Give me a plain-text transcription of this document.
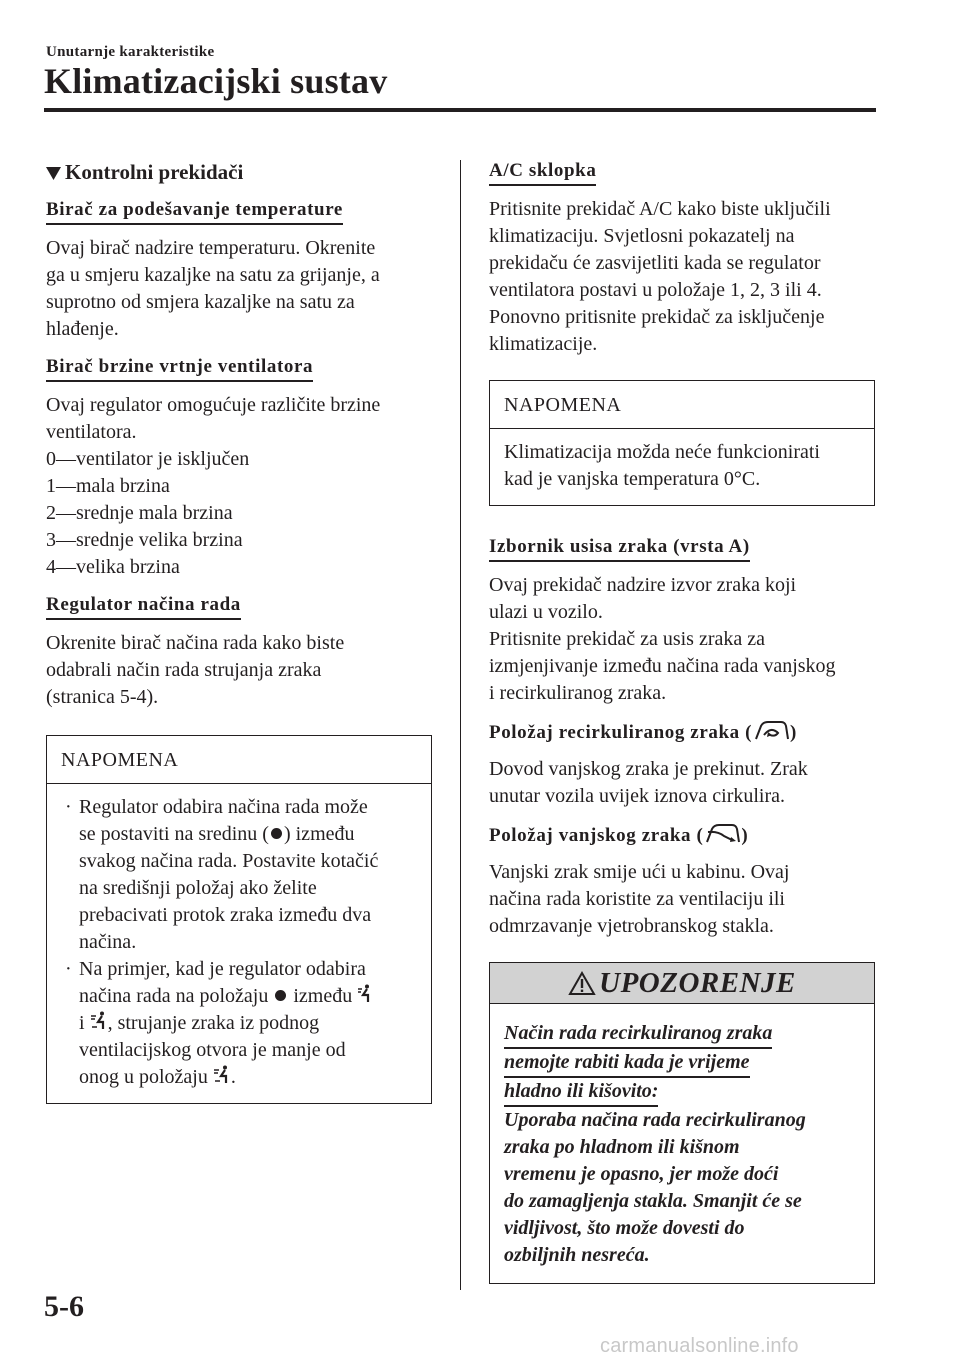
Unutarnje karakteristike
Klimatizacijski sustav
Kontrolni prekidači
Birač za podešavanje temperature
Ovaj birač nadzire temperaturu. Okrenite
ga u smjeru kazaljke na satu za grijanje, a
suprotno od smjera kazaljke na satu za
hlađenje.
Birač brzine vrtnje ventilatora
Ovaj regulator omogućuje različite brzine
ventilatora.
0—ventilator je isključen
1—mala brzina
2—srednje mala brzina
3—srednje velika brzina
4—velika brzina
Regulator načina rada
Okrenite birač načina rada kako biste
odabrali način rada strujanja zraka
(stranica 5-4).
NAPOMENA
· Regulator odabira načina rada može
se postaviti na sredinu ( ) između
svakog načina rada. Postavite kotačić
na središnji položaj ako želite
prebacivati protok zraka između dva
načina.
· Na primjer, kad je regulator odabira
načina rada na položaju između
i , strujanje zraka iz podnog
ventilacijskog otvora je manje od
onog u položaju .
A/C sklopka
Pritisnite prekidač A/C kako biste uključili
klimatizaciju. Svjetlosni pokazatelj na
prekidaču će zasvijetliti kada se regulator
ventilatora postavi u položaje 1, 2, 3 ili 4.
Ponovno pritisnite prekidač za isključenje
klimatizacije.
NAPOMENA
Klimatizacija možda neće funkcionirati
kad je vanjska temperatura 0°C.
Izbornik usisa zraka (vrsta A)
Ovaj prekidač nadzire izvor zraka koji
ulazi u vozilo.
Pritisnite prekidač za usis zraka za
izmjenjivanje između načina rada vanjskog
i recirkuliranog zraka.
Položaj recirkuliranog zraka ( )
Dovod vanjskog zraka je prekinut. Zrak
unutar vozila uvijek iznova cirkulira.
Položaj vanjskog zraka ( )
Vanjski zrak smije ući u kabinu. Ovaj
načina rada koristite za ventilaciju ili
odmrzavanje vjetrobranskog stakla.
UPOZORENJE
Način rada recirkuliranog zraka
nemojte rabiti kada je vrijeme
hladno ili kišovito:
Uporaba načina rada recirkuliranog
zraka po hladnom ili kišnom
vremenu je opasno, jer može doći
do zamagljenja stakla. Smanjit će se
vidljivost, što može dovesti do
ozbiljnih nesreća.
5-6
carmanualsonline.info
